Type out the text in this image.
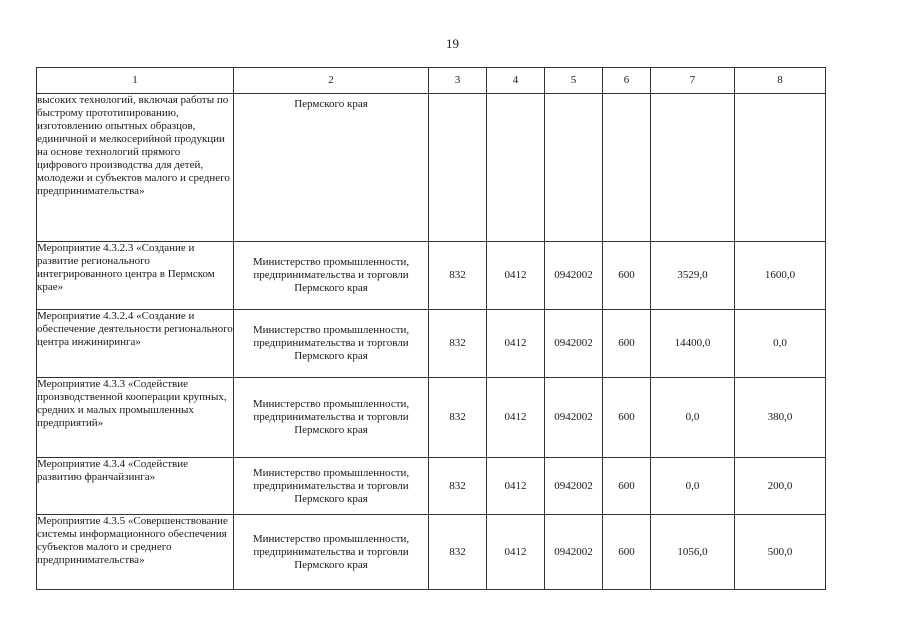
19
1	2	3	4	5	6	7	8
высоких технологий, включая работы по быстрому прототипированию, изготовлению опытных образцов, единичной и мелкосерийной продукции на основе технологий прямого цифрового производства для детей, молодежи и субъектов малого и среднего предпринимательства»	Пермского края						
Мероприятие 4.3.2.3 «Создание и развитие регионального интегрированного центра в Пермском крае»	Министерство промышленности, предпринимательства и торговли Пермского края	832	0412	0942002	600	3529,0	1600,0
Мероприятие 4.3.2.4 «Создание и обеспечение деятельности регионального центра инжиниринга»	Министерство промышленности, предпринимательства и торговли Пермского края	832	0412	0942002	600	14400,0	0,0
Мероприятие 4.3.3 «Содействие производственной кооперации крупных, средних и малых промышленных предприятий»	Министерство промышленности, предпринимательства и торговли Пермского края	832	0412	0942002	600	0,0	380,0
Мероприятие 4.3.4 «Содействие развитию франчайзинга»	Министерство промышленности, предпринимательства и торговли Пермского края	832	0412	0942002	600	0,0	200,0
Мероприятие 4.3.5 «Совершенствование системы информационного обеспечения субъектов малого и среднего предпринимательства»	Министерство промышленности, предпринимательства и торговли Пермского края	832	0412	0942002	600	1056,0	500,0
